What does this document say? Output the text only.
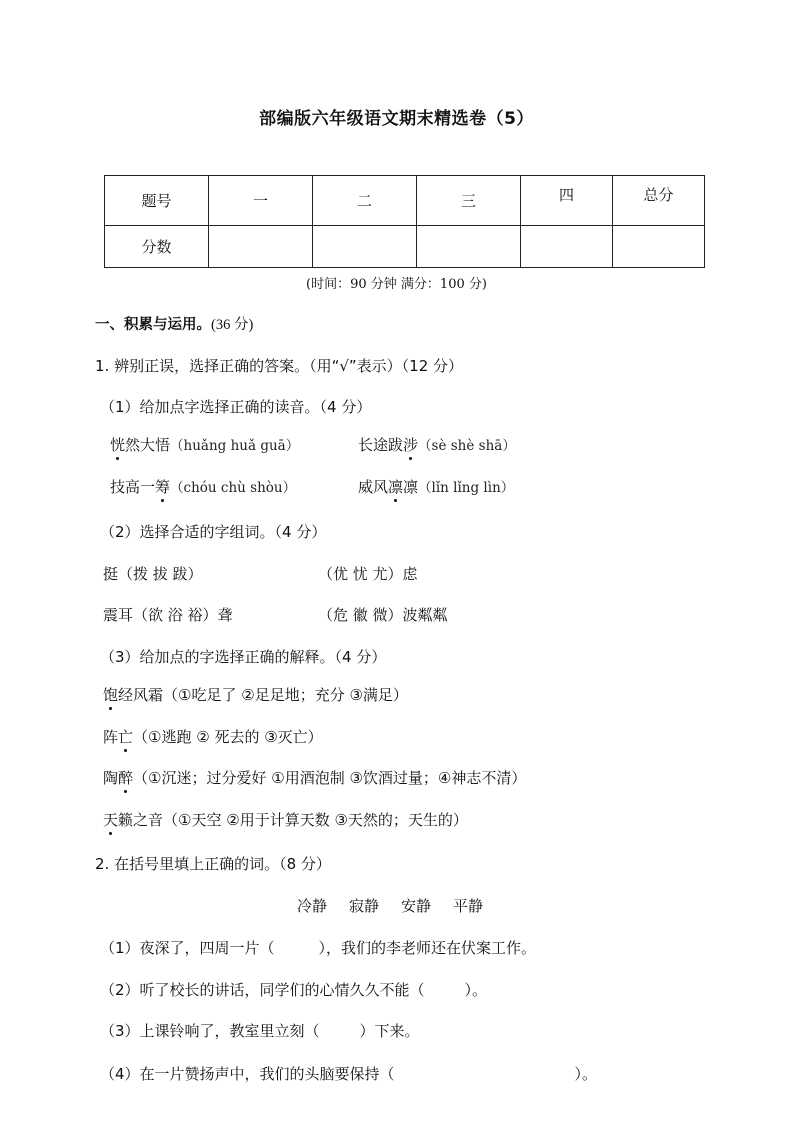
部编版六年级语文期末精选卷（5）
题号	一	二	三	四	总分
分数					
(时间：90 分钟 满分：100 分)
一、积累与运用。(36 分)
1. 辨别正误，选择正确的答案。（用“√”表示）（12 分）
（1）给加点字选择正确的读音。（4 分）
恍然大悟（huǎng huǎ guā）	长途跋涉（sè shè shā）
技高一筹（chóu chù shòu）	威风凛凛（lǐn lǐng lìn）
（2）选择合适的字组词。（4 分）
挺（拨 拔 跋）	（优 忧 尤）虑
震耳（欲 浴 裕）聋	（危 徽 微）波粼粼
（3）给加点的字选择正确的解释。（4 分）
饱经风霜（①吃足了 ②足足地；充分 ③满足）
阵亡（①逃跑 ② 死去的 ③灭亡）
陶醉（①沉迷；过分爱好 ①用酒泡制 ③饮酒过量；④神志不清）
天籁之音（①天空 ②用于计算天数 ③天然的；天生的）
2. 在括号里填上正确的词。（8 分）
冷静 寂静 安静 平静
（1）夜深了，四周一片（	），我们的李老师还在伏案工作。
（2）听了校长的讲话，同学们的心情久久不能（	）。
（3）上课铃响了，教室里立刻（	）下来。
（4）在一片赞扬声中，我们的头脑要保持（	）。
